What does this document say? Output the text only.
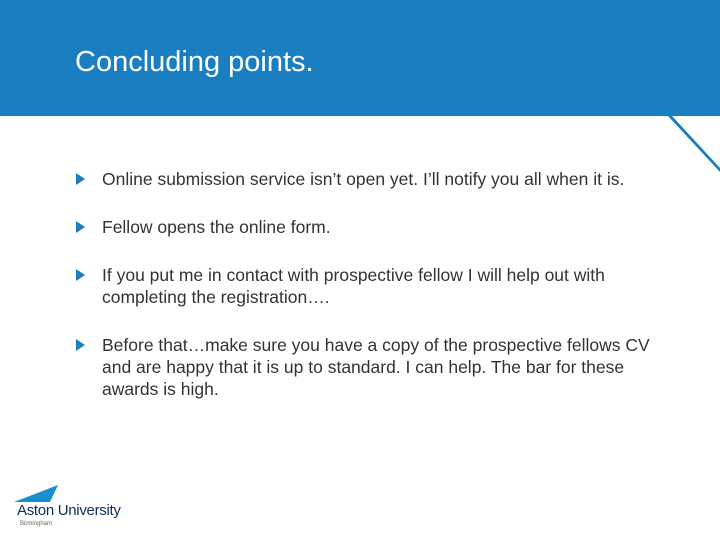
Concluding points.
Online submission service isn’t open yet. I’ll notify you all when it is.
Fellow opens the online form.
If you put me in contact with prospective fellow I will help out with completing the registration….
Before that…make sure you have a copy of the prospective fellows CV and are happy that it is up to standard. I can help. The bar for these awards is high.
Aston University
Birmingham
